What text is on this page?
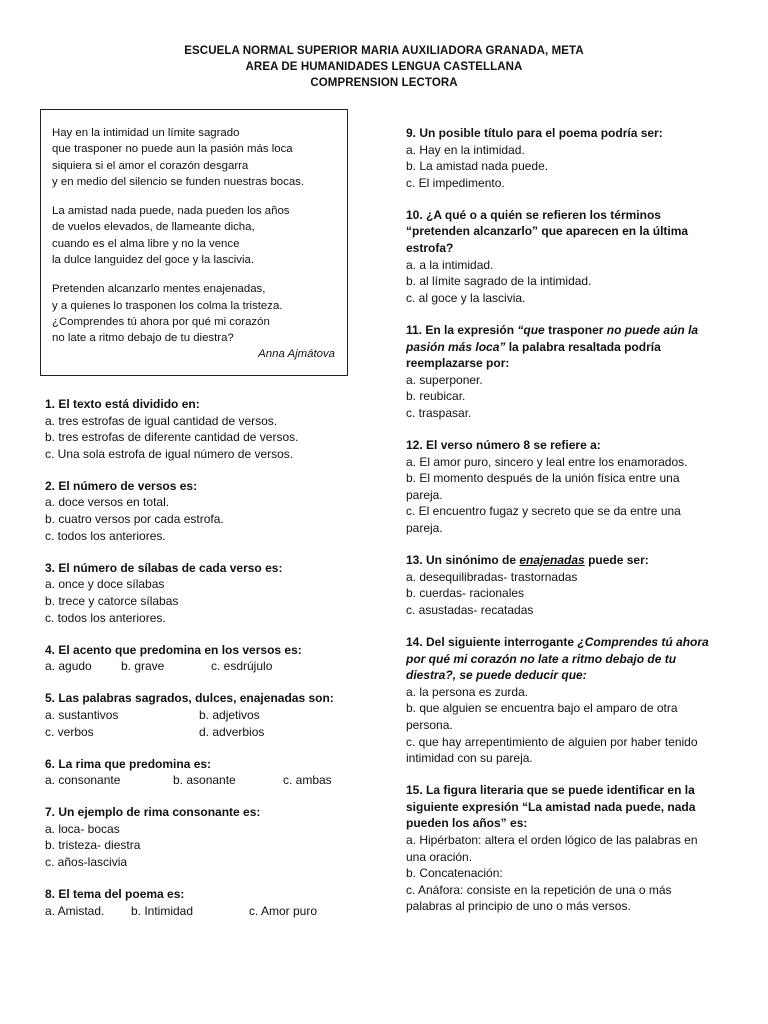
ESCUELA NORMAL SUPERIOR MARIA AUXILIADORA GRANADA, META
AREA DE HUMANIDADES LENGUA CASTELLANA
COMPRENSION LECTORA
Hay en la intimidad un límite sagrado
que trasponer no puede aun la pasión más loca
siquiera si el amor el corazón desgarra
y en medio del silencio se funden nuestras bocas.
La amistad nada puede, nada pueden los años
de vuelos elevados, de llameante dicha,
cuando es el alma libre y no la vence
la dulce languidez del goce y la lascivia.
Pretenden alcanzarlo mentes enajenadas,
y a quienes lo trasponen los colma la tristeza.
¿Comprendes tú ahora por qué mi corazón
no late a ritmo debajo de tu diestra?
Anna Ajmátova
1. El texto está dividido en:
a. tres estrofas de igual cantidad de versos.
b. tres estrofas de diferente cantidad de versos.
c. Una sola estrofa de igual número de versos.
2. El número de versos es:
a. doce versos en total.
b. cuatro versos por cada estrofa.
c. todos los anteriores.
3. El número de sílabas de cada verso es:
a. once y doce sílabas
b. trece y catorce sílabas
c. todos los anteriores.
4. El acento que predomina en los versos es:
a. agudo	b. grave	c. esdrújulo
5. Las palabras sagrados, dulces, enajenadas son:
a. sustantivos	b. adjetivos
c. verbos	d. adverbios
6. La rima que predomina es:
a. consonante	b. asonante	c. ambas
7. Un ejemplo de rima consonante es:
a. loca- bocas
b. tristeza- diestra
c. años-lascivia
8. El tema del poema es:
a. Amistad.	b. Intimidad	c. Amor puro
9. Un posible título para el poema podría ser:
a. Hay en la intimidad.
b. La amistad nada puede.
c. El impedimento.
10. ¿A qué o a quién se refieren los términos
“pretenden alcanzarlo” que aparecen en la última
estrofa?
a. a la intimidad.
b. al límite sagrado de la intimidad.
c. al goce y la lascivia.
11. En la expresión “que trasponer no puede aún la
pasión más loca” la palabra resaltada podría
reemplazarse por:
a. superponer.
b. reubicar.
c. traspasar.
12. El verso número 8 se refiere a:
a. El amor puro, sincero y leal entre los enamorados.
b. El momento después de la unión física entre una
pareja.
c. El encuentro fugaz y secreto que se da entre una
pareja.
13. Un sinónimo de enajenadas puede ser:
a. desequilibradas- trastornadas
b. cuerdas- racionales
c. asustadas- recatadas
14. Del siguiente interrogante ¿Comprendes tú ahora
por qué mi corazón no late a ritmo debajo de tu
diestra?, se puede deducir que:
a. la persona es zurda.
b. que alguien se encuentra bajo el amparo de otra
persona.
c. que hay arrepentimiento de alguien por haber tenido
intimidad con su pareja.
15. La figura literaria que se puede identificar en la
siguiente expresión “La amistad nada puede, nada
pueden los años” es:
a. Hipérbaton: altera el orden lógico de las palabras en
una oración.
b. Concatenación:
c. Anáfora: consiste en la repetición de una o más
palabras al principio de uno o más versos.
